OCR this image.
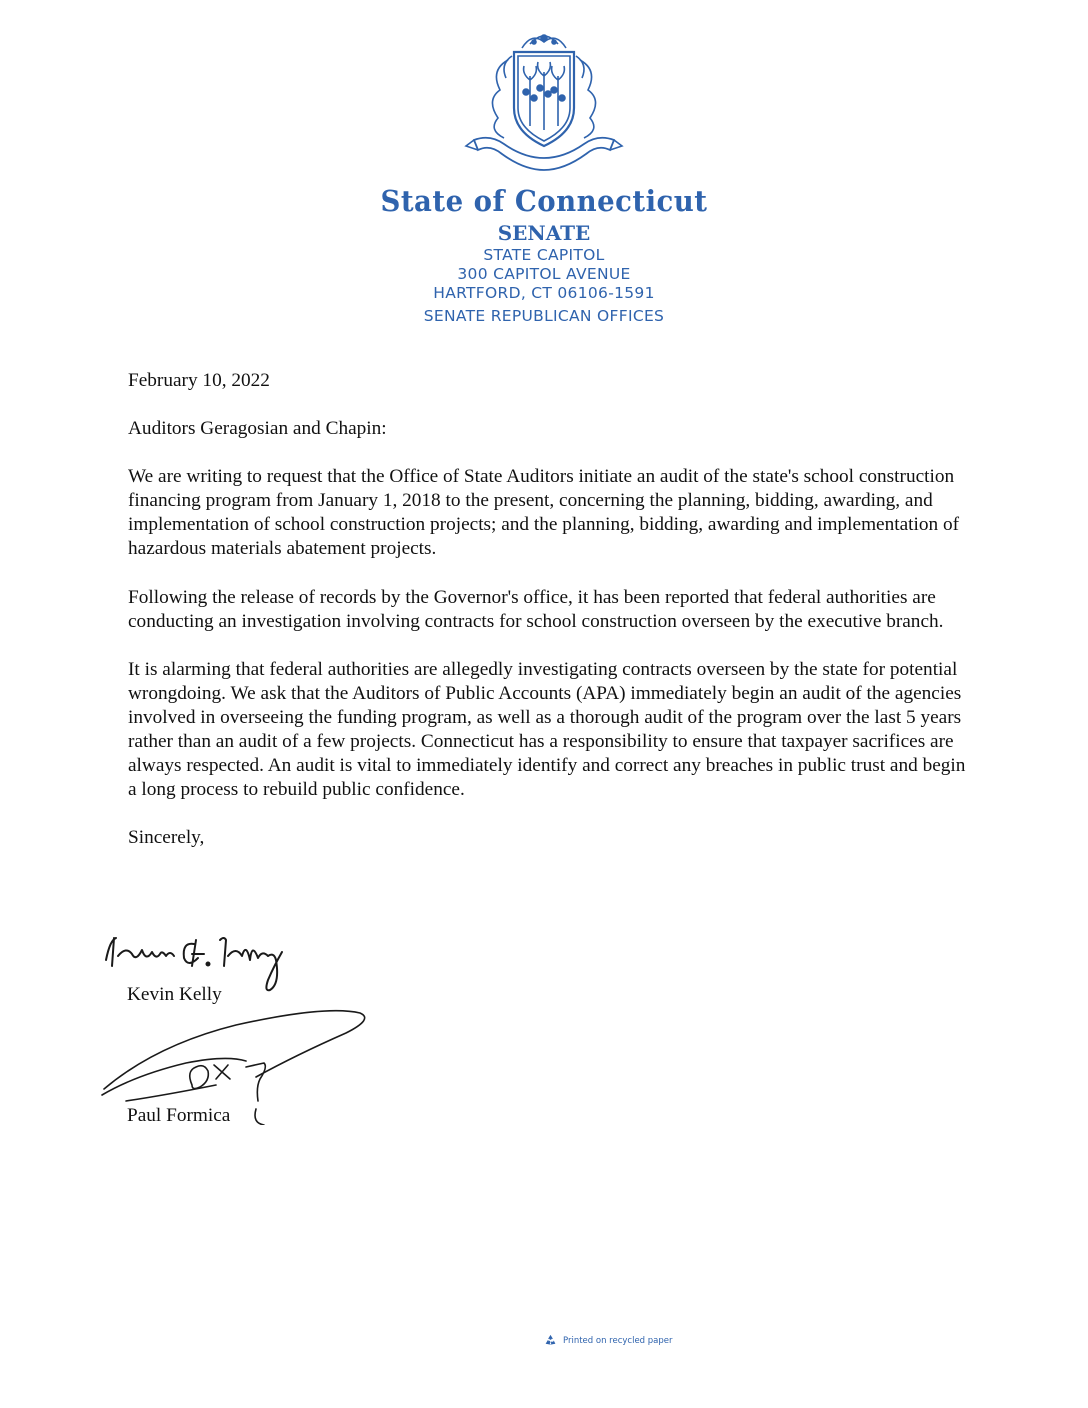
State of Connecticut
SENATE
STATE CAPITOL
300 CAPITOL AVENUE
HARTFORD, CT 06106-1591
SENATE REPUBLICAN OFFICES

February 10, 2022

Auditors Geragosian and Chapin:

We are writing to request that the Office of State Auditors initiate an audit of the state's school construction financing program from January 1, 2018 to the present, concerning the planning, bidding, awarding, and implementation of school construction projects; and the planning, bidding, awarding and implementation of hazardous materials abatement projects.

Following the release of records by the Governor's office, it has been reported that federal authorities are conducting an investigation involving contracts for school construction overseen by the executive branch.

It is alarming that federal authorities are allegedly investigating contracts overseen by the state for potential wrongdoing. We ask that the Auditors of Public Accounts (APA) immediately begin an audit of the agencies involved in overseeing the funding program, as well as a thorough audit of the program over the last 5 years rather than an audit of a few projects. Connecticut has a responsibility to ensure that taxpayer sacrifices are always respected. An audit is vital to immediately identify and correct any breaches in public trust and begin a long process to rebuild public confidence.

Sincerely,

Kevin Kelly
Paul Formica
Printed on recycled paper
